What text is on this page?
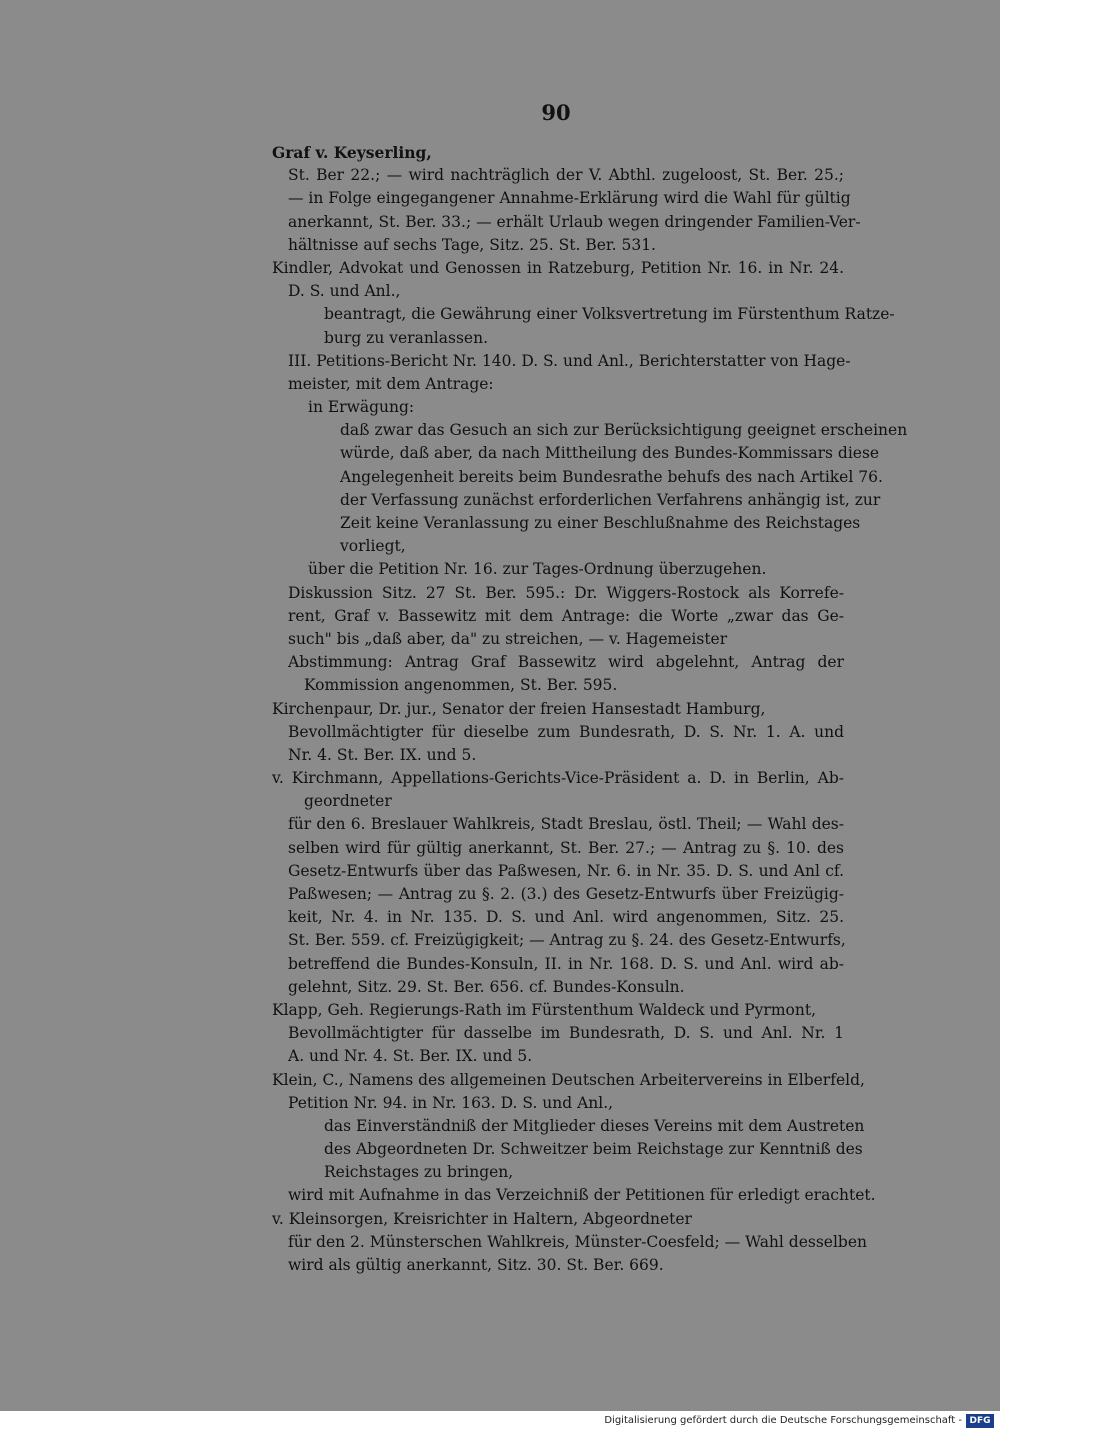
90
Graf v. Keyserling,
St. Ber 22.; — wird nachträglich der V. Abthl. zugeloost, St. Ber. 25.;
— in Folge eingegangener Annahme-Erklärung wird die Wahl für gültig
anerkannt, St. Ber. 33.; — erhält Urlaub wegen dringender Familien-Ver-
hältnisse auf sechs Tage, Sitz. 25. St. Ber. 531.
Kindler, Advokat und Genossen in Ratzeburg, Petition Nr. 16. in Nr. 24.
D. S. und Anl.,
beantragt, die Gewährung einer Volksvertretung im Fürstenthum Ratze-
burg zu veranlassen.
III. Petitions-Bericht Nr. 140. D. S. und Anl., Berichterstatter von Hage-
meister, mit dem Antrage:
in Erwägung:
daß zwar das Gesuch an sich zur Berücksichtigung geeignet erscheinen
würde, daß aber, da nach Mittheilung des Bundes-Kommissars diese
Angelegenheit bereits beim Bundesrathe behufs des nach Artikel 76.
der Verfassung zunächst erforderlichen Verfahrens anhängig ist, zur
Zeit keine Veranlassung zu einer Beschlußnahme des Reichstages
vorliegt,
über die Petition Nr. 16. zur Tages-Ordnung überzugehen.
Diskussion Sitz. 27 St. Ber. 595.: Dr. Wiggers-Rostock als Korrefe-
rent, Graf v. Bassewitz mit dem Antrage: die Worte „zwar das Ge-
such" bis „daß aber, da" zu streichen, — v. Hagemeister
Abstimmung: Antrag Graf Bassewitz wird abgelehnt, Antrag der
Kommission angenommen, St. Ber. 595.
Kirchenpaur, Dr. jur., Senator der freien Hansestadt Hamburg,
Bevollmächtigter für dieselbe zum Bundesrath, D. S. Nr. 1. A. und
Nr. 4. St. Ber. IX. und 5.
v. Kirchmann, Appellations-Gerichts-Vice-Präsident a. D. in Berlin, Ab-
geordneter
für den 6. Breslauer Wahlkreis, Stadt Breslau, östl. Theil; — Wahl des-
selben wird für gültig anerkannt, St. Ber. 27.; — Antrag zu §. 10. des
Gesetz-Entwurfs über das Paßwesen, Nr. 6. in Nr. 35. D. S. und Anl cf.
Paßwesen; — Antrag zu §. 2. (3.) des Gesetz-Entwurfs über Freizügig-
keit, Nr. 4. in Nr. 135. D. S. und Anl. wird angenommen, Sitz. 25.
St. Ber. 559. cf. Freizügigkeit; — Antrag zu §. 24. des Gesetz-Entwurfs,
betreffend die Bundes-Konsuln, II. in Nr. 168. D. S. und Anl. wird ab-
gelehnt, Sitz. 29. St. Ber. 656. cf. Bundes-Konsuln.
Klapp, Geh. Regierungs-Rath im Fürstenthum Waldeck und Pyrmont,
Bevollmächtigter für dasselbe im Bundesrath, D. S. und Anl. Nr. 1
A. und Nr. 4. St. Ber. IX. und 5.
Klein, C., Namens des allgemeinen Deutschen Arbeitervereins in Elberfeld,
Petition Nr. 94. in Nr. 163. D. S. und Anl.,
das Einverständniß der Mitglieder dieses Vereins mit dem Austreten
des Abgeordneten Dr. Schweitzer beim Reichstage zur Kenntniß des
Reichstages zu bringen,
wird mit Aufnahme in das Verzeichniß der Petitionen für erledigt erachtet.
v. Kleinsorgen, Kreisrichter in Haltern, Abgeordneter
für den 2. Münsterschen Wahlkreis, Münster-Coesfeld; — Wahl desselben
wird als gültig anerkannt, Sitz. 30. St. Ber. 669.
Digitalisierung gefördert durch die Deutsche Forschungsgemeinschaft - DFG
